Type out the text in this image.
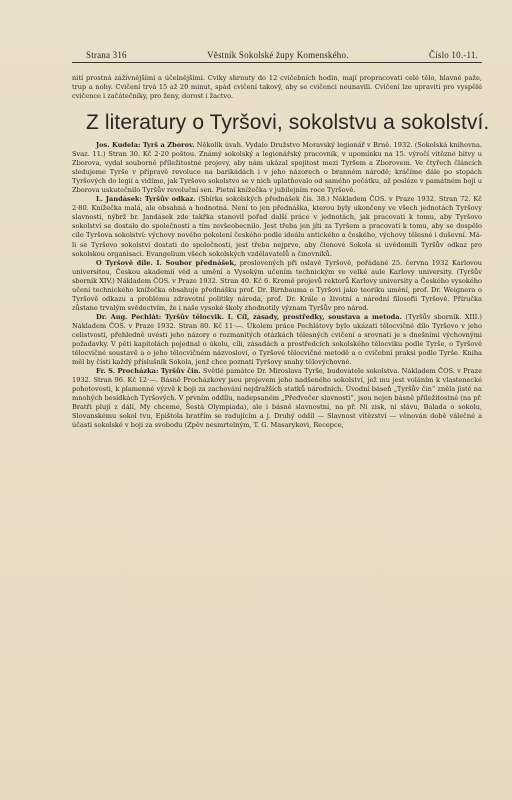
Strana 316	Věstník Sokolské župy Komenského.	Číslo 10.-11.

nití prostná zážívnějšími a účelnějšími. Cviky shrnuty do 12 cvičebních hodin, mají propracovati celé tělo, hlavně paže, trup a nohy. Cvičení trvá 15 až 20 minut, spád cvičení takový, aby se cvičenci neunavili. Cvičení lze upraviti pro vyspělé cvičence i začátečníky, pro ženy, dorost i žactvo.

Z literatury o Tyršovi, sokolstvu a sokolství.

Jos. Kudela: Tyrš a Zborov. Několik úvah. Vydalo Družstvo Moravský legionář v Brně. 1932. (Sokolská knihovna. Svaz. 11.) Stran 30. Kč 2·20 poštou. Známý sokolský a legionářský pracovník, v upomínku na 15. výročí vítězné bitvy u Zborova, vydal souborně příležitostné projevy, aby nám ukázal spojitost mezi Tyršem a Zborovem. Ve čtyřech článcích sledujeme Tyrše v přípravě revoluce na barikádách i v jeho názorech o branném národě; kráčíme dále po stopách Tyršových do legií a vidíme, jak Tyršovo sokolstvo se v nich uplatňovalo od samého počátku, až posléze v památném boji u Zborova uskutečnilo Tyršův revoluční sen. Pietní knížečka v jubilejním roce Tyršově.

L. Jandásek: Tyršův odkaz. (Sbírka sokolských přednášek čís. 38.) Nákladem ČOS. v Praze 1932. Stran 72. Kč 2·80. Knížečka malá, ale obsahná a hodnotná. Není to jen přednáška, kterou byly ukončeny ve všech jednotách Tyršovy slavnosti, nýbrž br. Jandásek zde takřka stanovil pořad další práce v jednotách, jak pracovati k tomu, aby Tyršovo sokolství se dostalo do společnosti a tím zevšeobecnilo. Jest třeba jen jíti za Tyršem a pracovati k tomu, aby se dospělo cíle Tyršova sokolství: výchovy nového pokolení českého podle ideálu antického a českého, výchovy tělesné i duševní. Má-li se Tyršovo sokolství dostati do společnosti, jest třeba nejprve, aby členové Sokola si uvědomili Tyršův odkaz pro sokolskou organisaci. Evangelium všech sokolských vzdělavatelů a činovníků.

O Tyršově díle. I. Soubor přednášek, proslovených při oslavě Tyršově, pořádané 25. června 1932 Karlovou universitou, Českou akademií věd a umění a Vysokým učením technickým ve velké aule Karlovy university. (Tyršův sborník XIV.) Nákladem ČOS. v Praze 1932. Stran 40. Kč 6. Kromě projevů rektorů Karlovy university a Českého vysokého učení technického knížečka obsahuje přednášku prof. Dr. Birnbauma o Tyršovi jako teoriku umění, prof. Dr. Weignera o Tyršově odkazu a problému zdravotní politiky národa, prof. Dr. Krále o životní a národní filosofii Tyršově. Příručka zůstane trvalým svědectvím, že i naše vysoké školy zhodnotily význam Tyršův pro národ.

Dr. Aug. Pechlát: Tyršův tělocvik. I. Cíl, zásady, prostředky, soustava a metoda. (Tyršův sborník. XIII.) Nákladem ČOS. v Praze 1932. Stran 80. Kč 11·—. Úkolem práce Pechlátovy bylo ukázati tělocvičné dílo Tyršovo v jeho celistvosti, přehledně uvésti jeho názory o rozmanitých otázkách tělesných cvičení a srovnati je s dnešními výchovnými požadavky. V pěti kapitolách pojednal o úkolu, cíli, zásadách a prostředcích sokolského tělocviku podle Tyrše, o Tyršově tělocvičné soustavě a o jeho tělocvičném názvosloví, o Tyršově tělocvičné metodě a o cvičební praksi podle Tyrše. Kniha měl by čísti každý příslušník Sokola, jenž chce poznati Tyršovy snahy tělovýchovné.

Fr. S. Procházka: Tyršův čin. Světlé památce Dr. Miroslava Tyrše, budovatele sokolstva. Nákladem ČOS. v Praze 1932. Stran 96. Kč 12·—. Básně Procházkovy jsou projevem jeho nadšeného sokolství, jež mu jest voláním k vlastenecké pohotovosti, k plamenné výzvě k boji za zachování nejdražších statků národních. Úvodní báseň „Tyršův čin“ zněla jistě na mnohých besídkách Tyršových. V prvním oddílu, nadepsaném „Předvečer slavnosti“, jsou nejen básně příležitostné (na př. Bratři plují z dálí, My chceme, Šestá Olympiada), ale i básně slavnostní, na př. Ni zisk, ni slávu, Balada o sokolu, Slovanskému sokol tvu, Epištola bratřím se radujícím a j. Druhý oddíl — Slavnost vítězství — věnován době válečné a účasti sokolské v boji za svobodu (Zpěv nesmrtelným, T. G. Masarykovi, Recepce,
